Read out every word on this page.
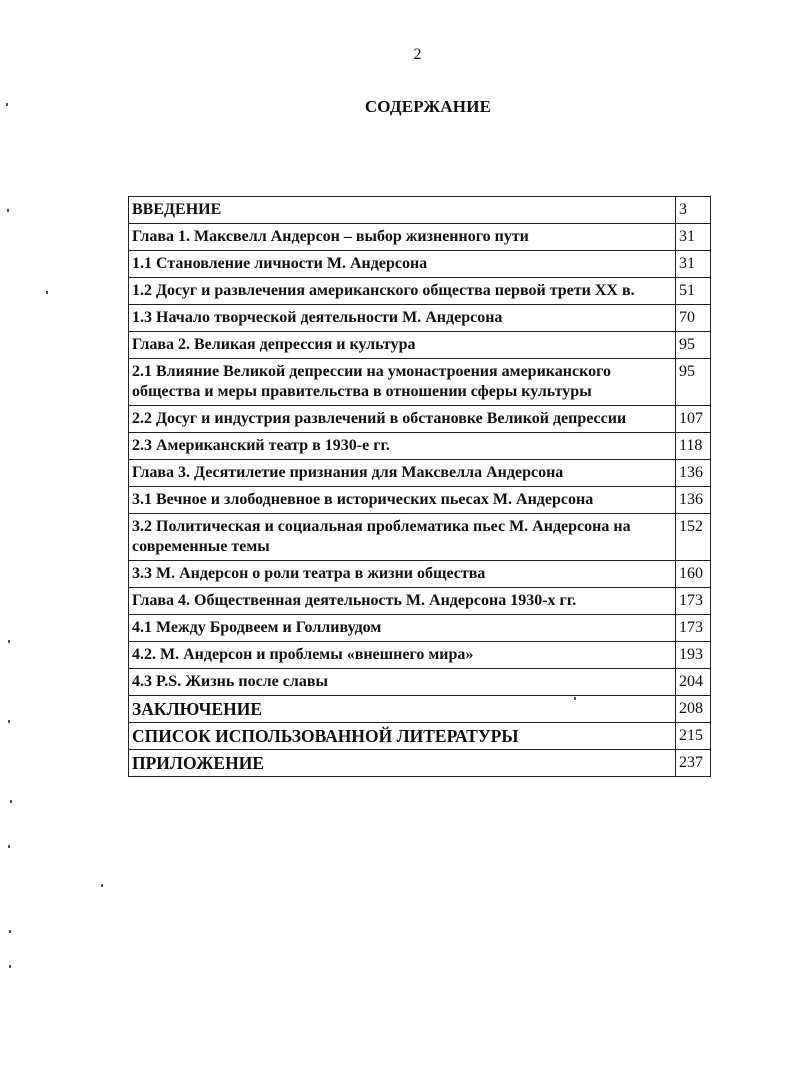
2
СОДЕРЖАНИЕ
ВВЕДЕНИЕ	3
Глава 1. Максвелл Андерсон – выбор жизненного пути	31
1.1 Становление личности М. Андерсона	31
1.2 Досуг и развлечения американского общества первой трети XX в.	51
1.3 Начало творческой деятельности М. Андерсона	70
Глава 2. Великая депрессия и культура	95
2.1 Влияние Великой депрессии на умонастроения американского общества и меры правительства в отношении сферы культуры	95
2.2 Досуг и индустрия развлечений в обстановке Великой депрессии	107
2.3 Американский театр в 1930-е гг.	118
Глава 3. Десятилетие признания для Максвелла Андерсона	136
3.1 Вечное и злободневное в исторических пьесах М. Андерсона	136
3.2 Политическая и социальная проблематика пьес М. Андерсона на современные темы	152
3.3 М. Андерсон о роли театра в жизни общества	160
Глава 4. Общественная деятельность М. Андерсона 1930-х гг.	173
4.1 Между Бродвеем и Голливудом	173
4.2. М. Андерсон и проблемы «внешнего мира»	193
4.3 P.S. Жизнь после славы	204
ЗАКЛЮЧЕНИЕ	208
СПИСОК ИСПОЛЬЗОВАННОЙ ЛИТЕРАТУРЫ	215
ПРИЛОЖЕНИЕ	237
